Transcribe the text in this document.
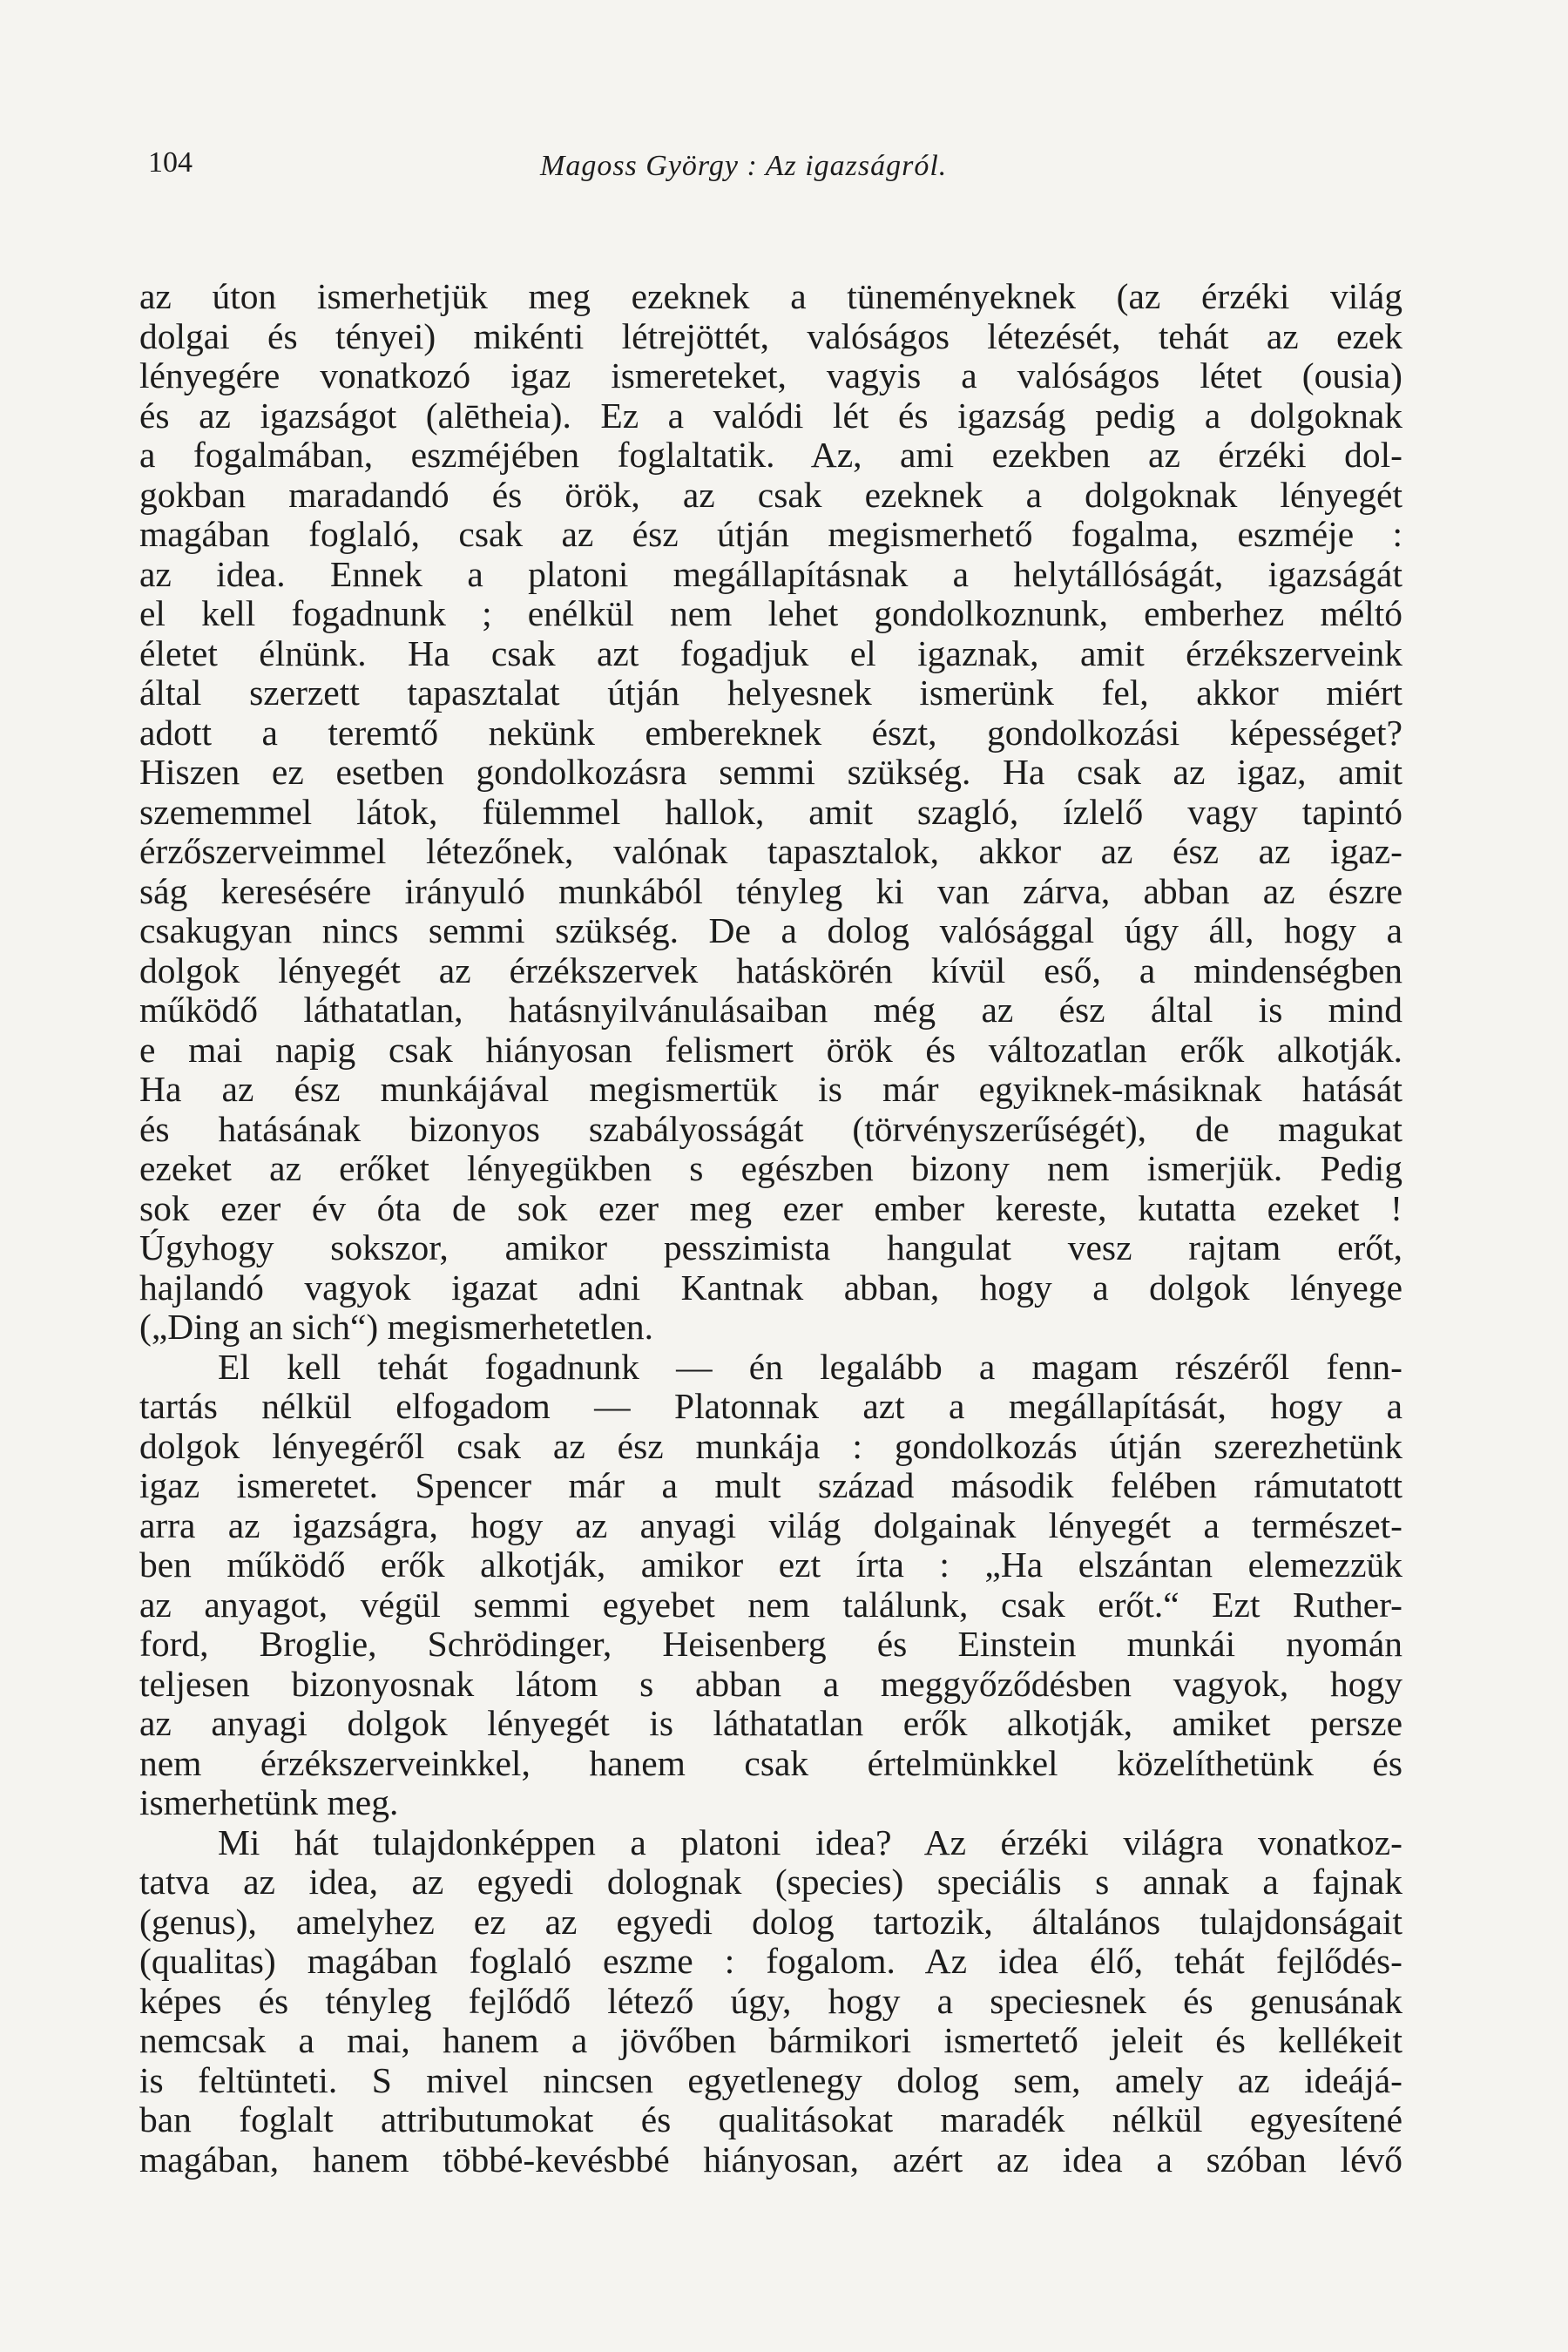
104	Magoss György : Az igazságról.
az úton ismerhetjük meg ezeknek a tüneményeknek (az érzéki világ
dolgai és tényei) mikénti létrejöttét, valóságos létezését, tehát az ezek
lényegére vonatkozó igaz ismereteket, vagyis a valóságos létet (ousia)
és az igazságot (alētheia). Ez a valódi lét és igazság pedig a dolgoknak
a fogalmában, eszméjében foglaltatik. Az, ami ezekben az érzéki dol-
gokban maradandó és örök, az csak ezeknek a dolgoknak lényegét
magában foglaló, csak az ész útján megismerhető fogalma, eszméje :
az idea. Ennek a platoni megállapításnak a helytállóságát, igazságát
el kell fogadnunk ; enélkül nem lehet gondolkoznunk, emberhez méltó
életet élnünk. Ha csak azt fogadjuk el igaznak, amit érzékszerveink
által szerzett tapasztalat útján helyesnek ismerünk fel, akkor miért
adott a teremtő nekünk embereknek észt, gondolkozási képességet?
Hiszen ez esetben gondolkozásra semmi szükség. Ha csak az igaz, amit
szememmel látok, fülemmel hallok, amit szagló, ízlelő vagy tapintó
érzőszerveimmel létezőnek, valónak tapasztalok, akkor az ész az igaz-
ság keresésére irányuló munkából tényleg ki van zárva, abban az észre
csakugyan nincs semmi szükség. De a dolog valósággal úgy áll, hogy a
dolgok lényegét az érzékszervek hatáskörén kívül eső, a mindenségben
működő láthatatlan, hatásnyilvánulásaiban még az ész által is mind
e mai napig csak hiányosan felismert örök és változatlan erők alkotják.
Ha az ész munkájával megismertük is már egyiknek-másiknak hatását
és hatásának bizonyos szabályosságát (törvényszerűségét), de magukat
ezeket az erőket lényegükben s egészben bizony nem ismerjük. Pedig
sok ezer év óta de sok ezer meg ezer ember kereste, kutatta ezeket !
Úgyhogy sokszor, amikor pesszimista hangulat vesz rajtam erőt,
hajlandó vagyok igazat adni Kantnak abban, hogy a dolgok lényege
(„Ding an sich“) megismerhetetlen.
El kell tehát fogadnunk — én legalább a magam részéről fenn-
tartás nélkül elfogadom — Platonnak azt a megállapítását, hogy a
dolgok lényegéről csak az ész munkája : gondolkozás útján szerezhetünk
igaz ismeretet. Spencer már a mult század második felében rámutatott
arra az igazságra, hogy az anyagi világ dolgainak lényegét a természet-
ben működő erők alkotják, amikor ezt írta : „Ha elszántan elemezzük
az anyagot, végül semmi egyebet nem találunk, csak erőt.“ Ezt Ruther-
ford, Broglie, Schrödinger, Heisenberg és Einstein munkái nyomán
teljesen bizonyosnak látom s abban a meggyőződésben vagyok, hogy
az anyagi dolgok lényegét is láthatatlan erők alkotják, amiket persze
nem érzékszerveinkkel, hanem csak értelmünkkel közelíthetünk és
ismerhetünk meg.
Mi hát tulajdonképpen a platoni idea? Az érzéki világra vonatkoz-
tatva az idea, az egyedi dolognak (species) speciális s annak a fajnak
(genus), amelyhez ez az egyedi dolog tartozik, általános tulajdonságait
(qualitas) magában foglaló eszme : fogalom. Az idea élő, tehát fejlődés-
képes és tényleg fejlődő létező úgy, hogy a speciesnek és genusának
nemcsak a mai, hanem a jövőben bármikori ismertető jeleit és kellékeit
is feltünteti. S mivel nincsen egyetlenegy dolog sem, amely az ideájá-
ban foglalt attributumokat és qualitásokat maradék nélkül egyesítené
magában, hanem többé-kevésbbé hiányosan, azért az idea a szóban lévő
